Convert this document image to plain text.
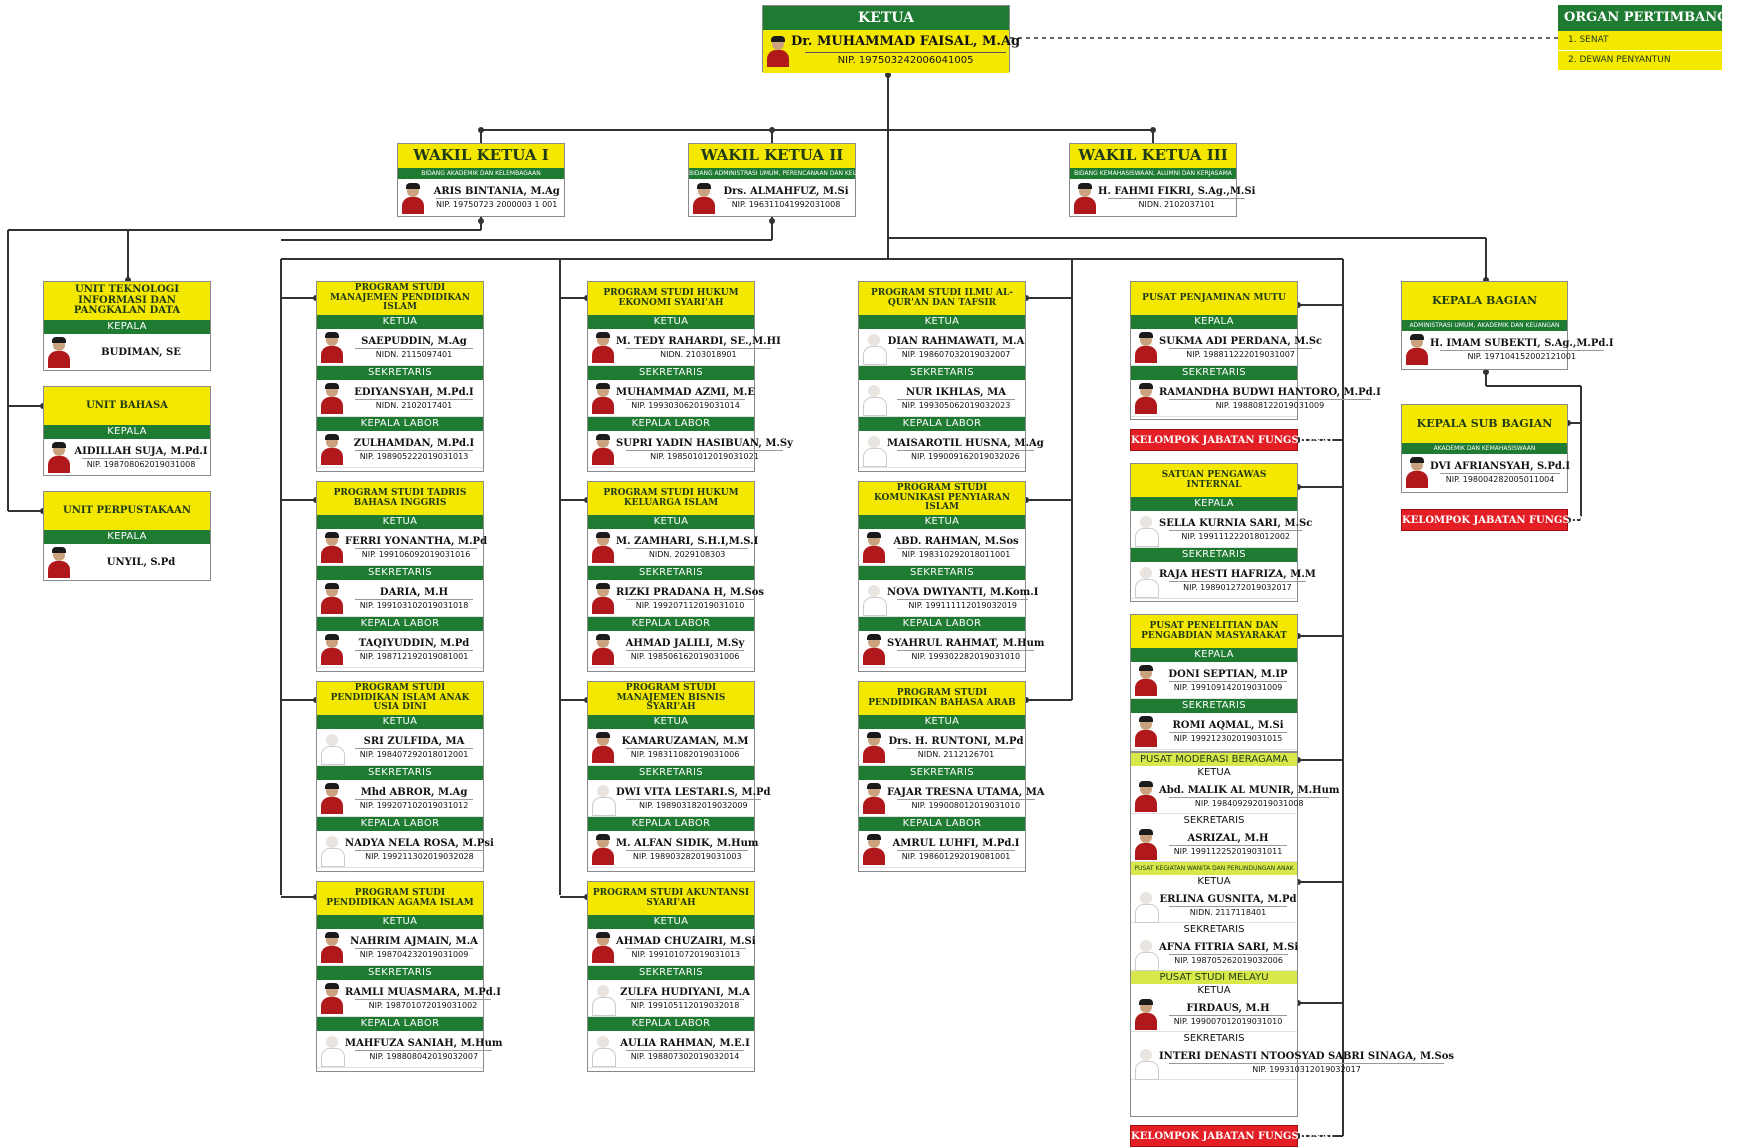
KETUA
Dr. MUHAMMAD FAISAL, M.Ag
NIP. 197503242006041005
ORGAN PERTIMBANGAN
1. SENAT
2. DEWAN PENYANTUN
WAKIL KETUA I
BIDANG AKADEMIK DAN KELEMBAGAAN
ARIS BINTANIA, M.Ag
NIP. 19750723 2000003 1 001
WAKIL KETUA II
BIDANG ADMINISTRASI UMUM, PERENCANAAN DAN KEUANGAN
Drs. ALMAHFUZ, M.Si
NIP. 196311041992031008
WAKIL KETUA III
BIDANG KEMAHASISWAAN, ALUMNI DAN KERJASAMA
H. FAHMI FIKRI, S.Ag.,M.Si
NIDN. 2102037101
UNIT TEKNOLOGI INFORMASI DAN PANGKALAN DATA
KEPALA
BUDIMAN, SE
UNIT BAHASA
KEPALA
AIDILLAH SUJA, M.Pd.I
NIP. 198708062019031008
UNIT PERPUSTAKAAN
KEPALA
UNYIL, S.Pd
PROGRAM STUDI MANAJEMEN PENDIDIKAN ISLAM
KETUA
SAEPUDDIN, M.Ag
NIDN. 2115097401
SEKRETARIS
EDIYANSYAH, M.Pd.I
NIDN. 2102017401
KEPALA LABOR
ZULHAMDAN, M.Pd.I
NIP. 198905222019031013
PROGRAM STUDI TADRIS BAHASA INGGRIS
KETUA
FERRI YONANTHA, M.Pd
NIP. 199106092019031016
SEKRETARIS
DARIA, M.H
NIP. 199103102019031018
KEPALA LABOR
TAQIYUDDIN, M.Pd
NIP. 198712192019081001
PROGRAM STUDI PENDIDIKAN ISLAM ANAK USIA DINI
KETUA
SRI ZULFIDA, MA
NIP. 198407292018012001
SEKRETARIS
Mhd ABROR, M.Ag
NIP. 199207102019031012
KEPALA LABOR
NADYA NELA ROSA, M.Psi
NIP. 199211302019032028
PROGRAM STUDI PENDIDIKAN AGAMA ISLAM
KETUA
NAHRIM AJMAIN, M.A
NIP. 198704232019031009
SEKRETARIS
RAMLI MUASMARA, M.Pd.I
NIP. 198701072019031002
KEPALA LABOR
MAHFUZA SANIAH, M.Hum
NIP. 198808042019032007
PROGRAM STUDI HUKUM EKONOMI SYARI'AH
KETUA
M. TEDY RAHARDI, SE.,M.HI
NIDN. 2103018901
SEKRETARIS
MUHAMMAD AZMI, M.E
NIP. 199303062019031014
KEPALA LABOR
SUPRI YADIN HASIBUAN, M.Sy
NIP. 198501012019031021
PROGRAM STUDI HUKUM KELUARGA ISLAM
KETUA
M. ZAMHARI, S.H.I,M.S.I
NIDN. 2029108303
SEKRETARIS
RIZKI PRADANA H, M.Sos
NIP. 199207112019031010
KEPALA LABOR
AHMAD JALILI, M.Sy
NIP. 198506162019031006
PROGRAM STUDI MANAJEMEN BISNIS SYARI'AH
KETUA
KAMARUZAMAN, M.M
NIP. 198311082019031006
SEKRETARIS
DWI VITA LESTARI.S, M.Pd
NIP. 198903182019032009
KEPALA LABOR
M. ALFAN SIDIK, M.Hum
NIP. 198903282019031003
PROGRAM STUDI AKUNTANSI SYARI'AH
KETUA
AHMAD CHUZAIRI, M.Si
NIP. 199101072019031013
SEKRETARIS
ZULFA HUDIYANI, M.A
NIP. 199105112019032018
KEPALA LABOR
AULIA RAHMAN, M.E.I
NIP. 198807302019032014
PROGRAM STUDI ILMU AL-QUR'AN DAN TAFSIR
KETUA
DIAN RAHMAWATI, M.A
NIP. 198607032019032007
SEKRETARIS
NUR IKHLAS, MA
NIP. 199305062019032023
KEPALA LABOR
MAISAROTIL HUSNA, M.Ag
NIP. 199009162019032026
PROGRAM STUDI KOMUNIKASI PENYIARAN ISLAM
KETUA
ABD. RAHMAN, M.Sos
NIP. 198310292018011001
SEKRETARIS
NOVA DWIYANTI, M.Kom.I
NIP. 199111112019032019
KEPALA LABOR
SYAHRUL RAHMAT, M.Hum
NIP. 199302282019031010
PROGRAM STUDI PENDIDIKAN BAHASA ARAB
KETUA
Drs. H. RUNTONI, M.Pd
NIDN. 2112126701
SEKRETARIS
FAJAR TRESNA UTAMA, MA
NIP. 199008012019031010
KEPALA LABOR
AMRUL LUHFI, M.Pd.I
NIP. 198601292019081001
PUSAT PENJAMINAN MUTU
KEPALA
SUKMA ADI PERDANA, M.Sc
NIP. 198811222019031007
SEKRETARIS
RAMANDHA BUDWI HANTORO, M.Pd.I
NIP. 198808122019031009
SATUAN PENGAWAS INTERNAL
KEPALA
SELLA KURNIA SARI, M.Sc
NIP. 199111222018012002
SEKRETARIS
RAJA HESTI HAFRIZA, M.M
NIP. 198901272019032017
PUSAT PENELITIAN DAN PENGABDIAN MASYARAKAT
KEPALA
DONI SEPTIAN, M.IP
NIP. 199109142019031009
SEKRETARIS
ROMI AQMAL, M.Si
NIP. 199212302019031015
PUSAT MODERASI BERAGAMA
KETUA
Abd. MALIK AL MUNIR, M.Hum
NIP. 198409292019031008
SEKRETARIS
ASRIZAL, M.H
NIP. 199112252019031011
PUSAT KEGIATAN WANITA DAN PERLINDUNGAN ANAK
KETUA
ERLINA GUSNITA, M.Pd
NIDN. 2117118401
SEKRETARIS
AFNA FITRIA SARI, M.Si
NIP. 198705262019032006
PUSAT STUDI MELAYU
KETUA
FIRDAUS, M.H
NIP. 199007012019031010
SEKRETARIS
INTERI DENASTI NTOOSYAD SABRI SINAGA, M.Sos
NIP. 199310312019032017
KELOMPOK JABATAN FUNGSIONAL
KELOMPOK JABATAN FUNGSIONAL
KELOMPOK JABATAN FUNGSIONAL
KEPALA BAGIAN
ADMINISTRASI UMUM, AKADEMIK DAN KEUANGAN
H. IMAM SUBEKTI, S.Ag.,M.Pd.I
NIP. 197104152002121001
KEPALA SUB BAGIAN
AKADEMIK DAN KEMAHASISWAAN
DVI AFRIANSYAH, S.Pd.I
NIP. 198004282005011004
